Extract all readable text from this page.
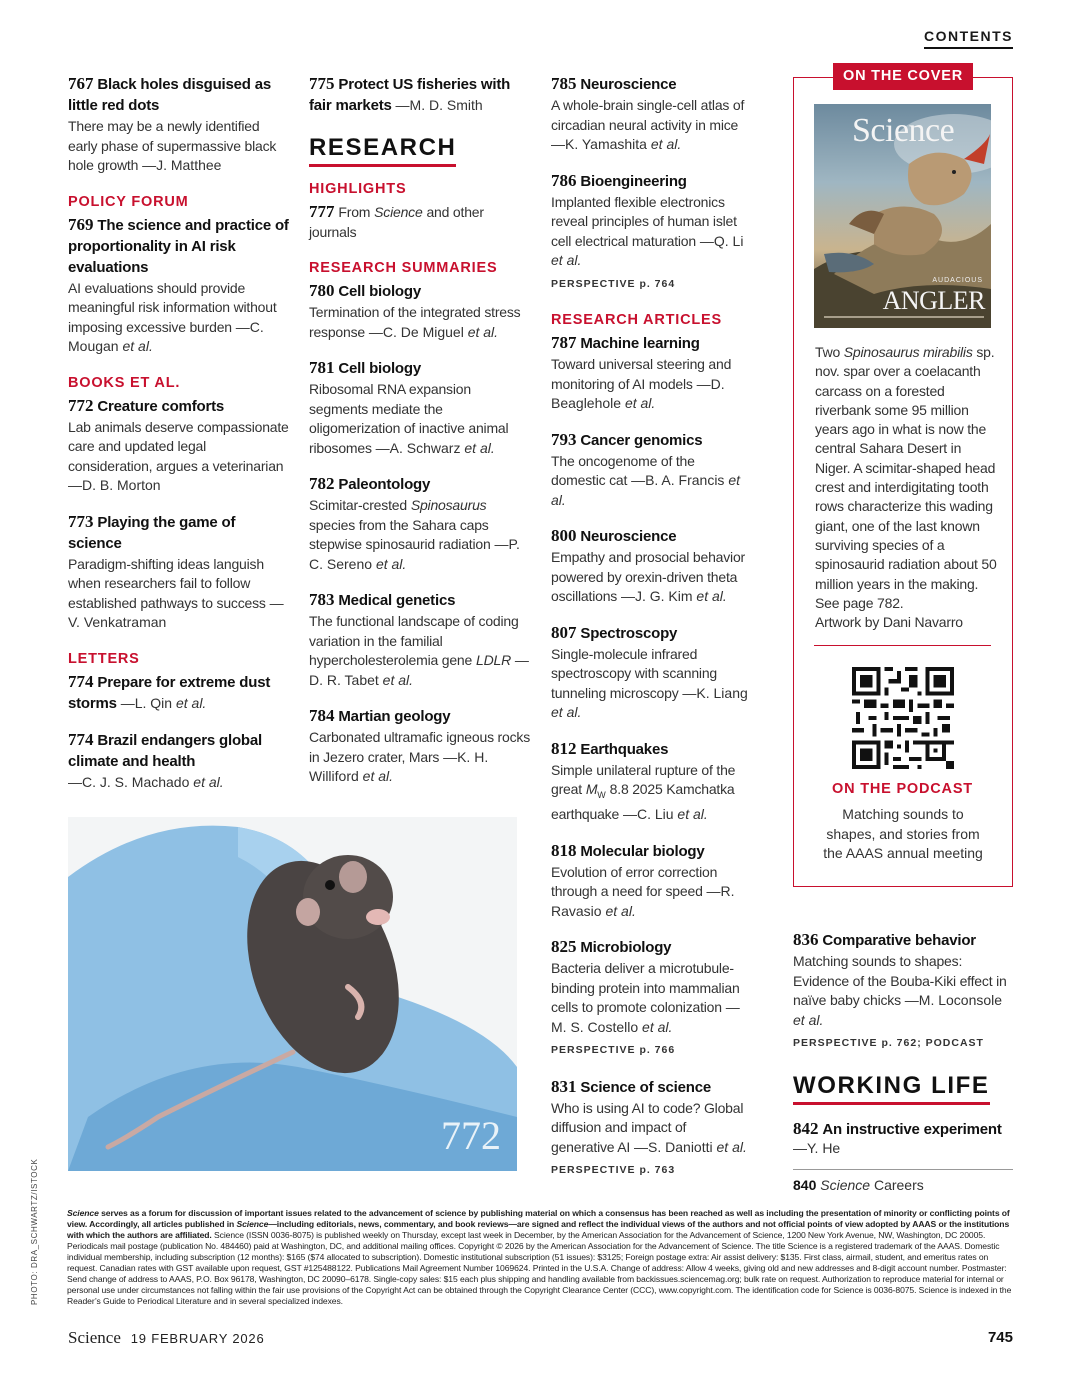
CONTENTS
767 Black holes disguised as little red dots
There may be a newly identified early phase of supermassive black hole growth —J. Matthee
POLICY FORUM
769 The science and practice of proportionality in AI risk evaluations
AI evaluations should provide meaningful risk information without imposing excessive burden —C. Mougan et al.
BOOKS ET AL.
772 Creature comforts
Lab animals deserve compassionate care and updated legal consideration, argues a veterinarian —D. B. Morton
773 Playing the game of science
Paradigm-shifting ideas languish when researchers fail to follow established pathways to success —V. Venkatraman
LETTERS
774 Prepare for extreme dust storms —L. Qin et al.
774 Brazil endangers global climate and health
—C. J. S. Machado et al.
775 Protect US fisheries with fair markets —M. D. Smith
RESEARCH
HIGHLIGHTS
777 From Science and other journals
RESEARCH SUMMARIES
780 Cell biology
Termination of the integrated stress response —C. De Miguel et al.
781 Cell biology
Ribosomal RNA expansion segments mediate the oligomerization of inactive animal ribosomes —A. Schwarz et al.
782 Paleontology
Scimitar-crested Spinosaurus species from the Sahara caps stepwise spinosaurid radiation —P. C. Sereno et al.
783 Medical genetics
The functional landscape of coding variation in the familial hypercholesterolemia gene LDLR —D. R. Tabet et al.
784 Martian geology
Carbonated ultramafic igneous rocks in Jezero crater, Mars —K. H. Williford et al.
785 Neuroscience
A whole-brain single-cell atlas of circadian neural activity in mice —K. Yamashita et al.
786 Bioengineering
Implanted flexible electronics reveal principles of human islet cell electrical maturation —Q. Li et al.
PERSPECTIVE p. 764
RESEARCH ARTICLES
787 Machine learning
Toward universal steering and monitoring of AI models —D. Beaglehole et al.
793 Cancer genomics
The oncogenome of the domestic cat —B. A. Francis et al.
800 Neuroscience
Empathy and prosocial behavior powered by orexin-driven theta oscillations —J. G. Kim et al.
807 Spectroscopy
Single-molecule infrared spectroscopy with scanning tunneling microscopy —K. Liang et al.
812 Earthquakes
Simple unilateral rupture of the great $M_W$ 8.8 2025 Kamchatka earthquake —C. Liu et al.
818 Molecular biology
Evolution of error correction through a need for speed —R. Ravasio et al.
825 Microbiology
Bacteria deliver a microtubule-binding protein into mammalian cells to promote colonization —M. S. Costello et al.
PERSPECTIVE p. 766
831 Science of science
Who is using AI to code? Global diffusion and impact of generative AI —S. Daniotti et al.
PERSPECTIVE p. 763
ON THE COVER
Science
AUDACIOUS
ANGLER
Two Spinosaurus mirabilis sp. nov. spar over a coelacanth carcass on a forested riverbank some 95 million years ago in what is now the central Sahara Desert in Niger. A scimitar-shaped head crest and interdigitating tooth rows characterize this wading giant, one of the last known surviving species of a spinosaurid radiation about 50 million years in the making. See page 782.
Artwork by Dani Navarro
ON THE PODCAST
Matching sounds to shapes, and stories from the AAAS annual meeting
836 Comparative behavior
Matching sounds to shapes: Evidence of the Bouba-Kiki effect in naïve baby chicks —M. Loconsole et al.
PERSPECTIVE p. 762; PODCAST
WORKING LIFE
842 An instructive experiment —Y. He
840 Science Careers
772
PHOTO: DRA_SCHWARTZ/ISTOCK	Science serves as a forum for discussion of important issues related to the advancement of science by publishing material on which a consensus has been reached as well as including the presentation of minority or conflicting points of view. Accordingly, all articles published in Science—including editorials, news, commentary, and book reviews—are signed and reflect the individual views of the authors and not official points of view adopted by AAAS or the institutions with which the authors are affiliated. Science (ISSN 0036-8075) is published weekly on Thursday, except last week in December, by the American Association for the Advancement of Science, 1200 New York Avenue, NW, Washington, DC 20005. Periodicals mail postage (publication No. 484460) paid at Washington, DC, and additional mailing offices. Copyright © 2026 by the American Association for the Advancement of Science. The title Science is a registered trademark of the AAAS. Domestic individual membership, including subscription (12 months): $165 ($74 allocated to subscription). Domestic institutional subscription (51 issues): $3125; Foreign postage extra: Air assist delivery: $135. First class, airmail, student, and emeritus rates on request. Canadian rates with GST available upon request, GST #125488122. Publications Mail Agreement Number 1069624. Printed in the U.S.A. Change of address: Allow 4 weeks, giving old and new addresses and 8-digit account number. Postmaster: Send change of address to AAAS, P.O. Box 96178, Washington, DC 20090–6178. Single-copy sales: $15 each plus shipping and handling available from backissues.sciencemag.org; bulk rate on request. Authorization to reproduce material for internal or personal use under circumstances not falling within the fair use provisions of the Copyright Act can be obtained through the Copyright Clearance Center (CCC), www.copyright.com. The identification code for Science is 0036-8075. Science is indexed in the Reader’s Guide to Periodical Literature and in several specialized indexes.
Science 19 FEBRUARY 2026	745
